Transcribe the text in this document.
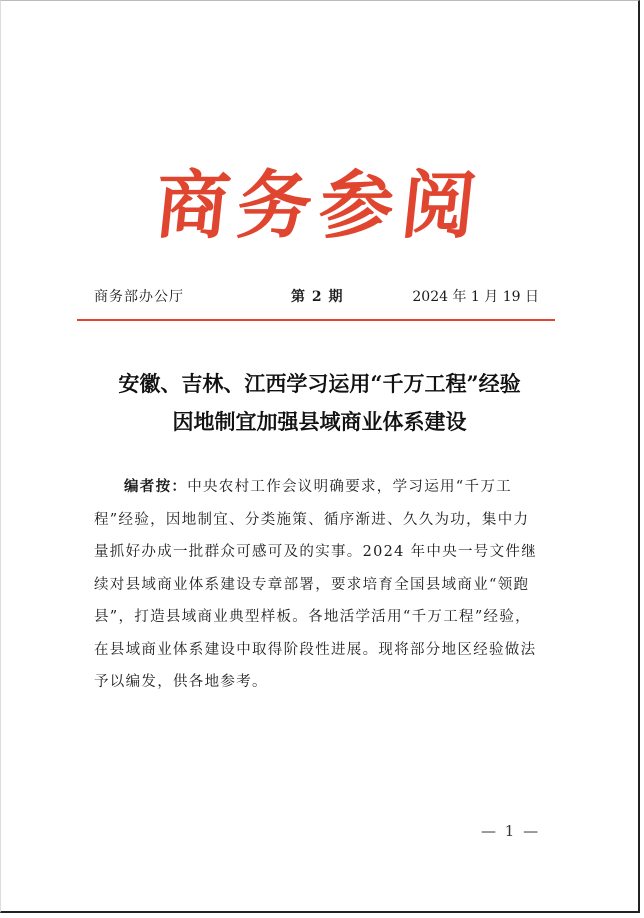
商务参阅
商务部办公厅	第 2 期	2024 年 1 月 19 日
安徽、吉林、江西学习运用“千万工程”经验
因地制宜加强县域商业体系建设
编者按：中央农村工作会议明确要求，学习运用“千万工程”经验，因地制宜、分类施策、循序渐进、久久为功，集中力量抓好办成一批群众可感可及的实事。2024 年中央一号文件继续对县域商业体系建设专章部署，要求培育全国县域商业“领跑县”，打造县域商业典型样板。各地活学活用“千万工程”经验，在县域商业体系建设中取得阶段性进展。现将部分地区经验做法予以编发，供各地参考。
— 1 —
